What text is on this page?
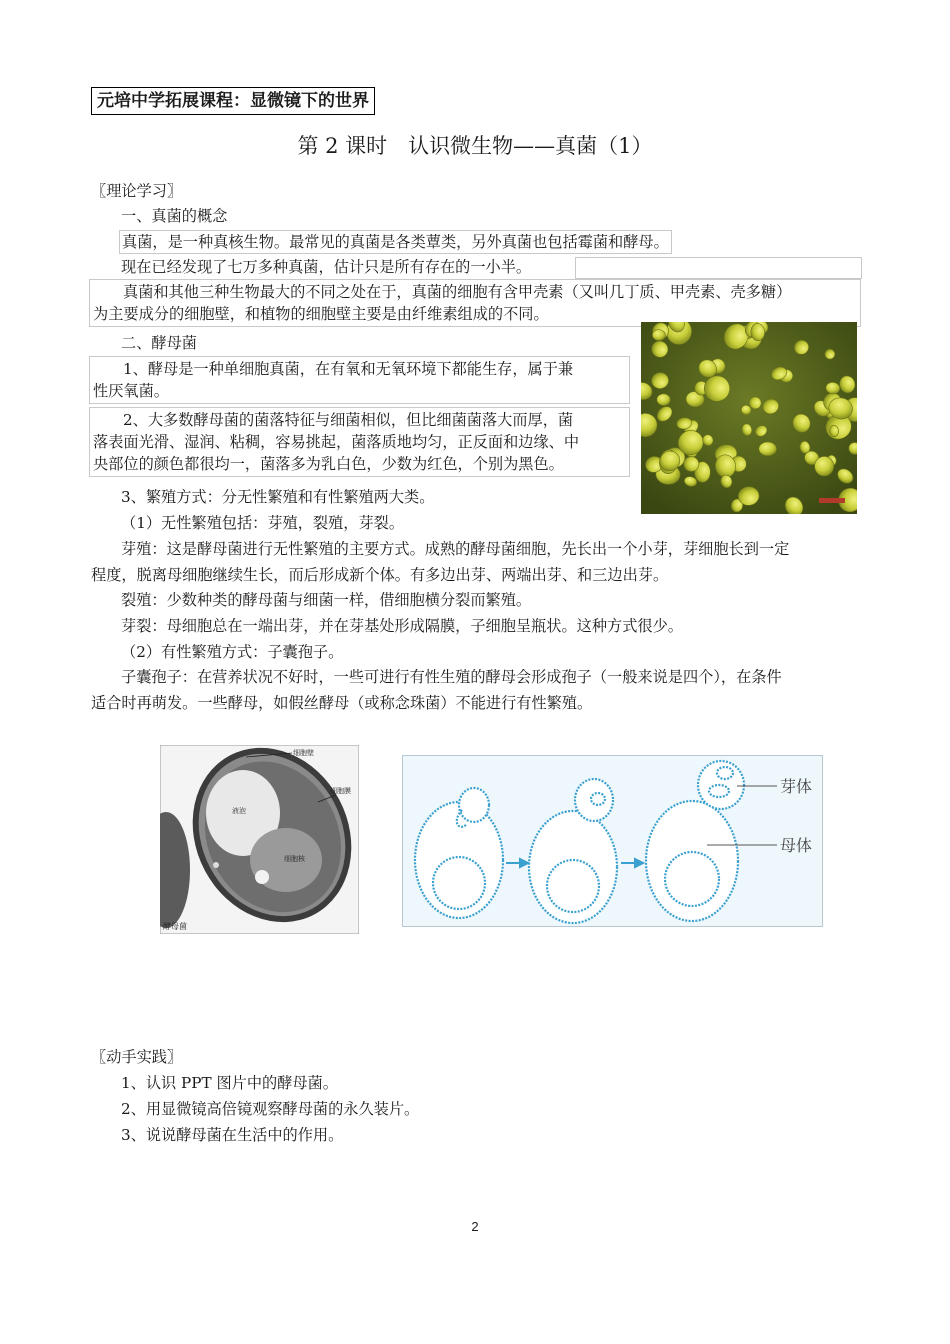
元培中学拓展课程：显微镜下的世界
第 2 课时　认识微生物——真菌（1）
〖理论学习〗
一、真菌的概念
真菌，是一种真核生物。最常见的真菌是各类蕈类，另外真菌也包括霉菌和酵母。
现在已经发现了七万多种真菌，估计只是所有存在的一小半。
真菌和其他三种生物最大的不同之处在于，真菌的细胞有含甲壳素（又叫几丁质、甲壳素、壳多糖）
为主要成分的细胞壁，和植物的细胞壁主要是由纤维素组成的不同。
二、酵母菌
1、酵母是一种单细胞真菌，在有氧和无氧环境下都能生存，属于兼
性厌氧菌。
2、大多数酵母菌的菌落特征与细菌相似，但比细菌菌落大而厚，菌
落表面光滑、湿润、粘稠，容易挑起，菌落质地均匀，正反面和边缘、中
央部位的颜色都很均一，菌落多为乳白色，少数为红色，个别为黑色。
3、繁殖方式：分无性繁殖和有性繁殖两大类。
（1）无性繁殖包括：芽殖，裂殖，芽裂。
芽殖：这是酵母菌进行无性繁殖的主要方式。成熟的酵母菌细胞，先长出一个小芽，芽细胞长到一定
程度，脱离母细胞继续生长，而后形成新个体。有多边出芽、两端出芽、和三边出芽。
裂殖：少数种类的酵母菌与细菌一样，借细胞横分裂而繁殖。
芽裂：母细胞总在一端出芽，并在芽基处形成隔膜，子细胞呈瓶状。这种方式很少。
（2）有性繁殖方式：子囊孢子。
子囊孢子：在营养状况不好时，一些可进行有性生殖的酵母会形成孢子（一般来说是四个），在条件
适合时再萌发。一些酵母，如假丝酵母（或称念珠菌）不能进行有性繁殖。
细胞壁
细胞膜
液泡
细胞核
酵母菌
芽体
母体
〖动手实践〗
1、认识 PPT 图片中的酵母菌。
2、用显微镜高倍镜观察酵母菌的永久装片。
3、说说酵母菌在生活中的作用。
2
